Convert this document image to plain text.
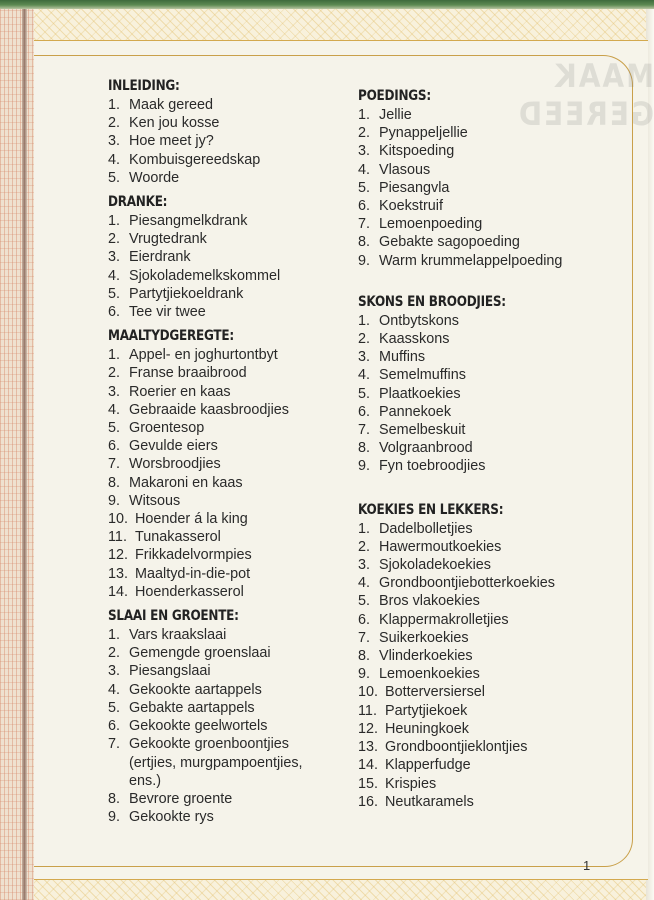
MAAK GEREED
INLEIDING:
1. Maak gereed
2. Ken jou kosse
3. Hoe meet jy?
4. Kombuisgereedskap
5. Woorde
DRANKE:
1. Piesangmelkdrank
2. Vrugtedrank
3. Eierdrank
4. Sjokolademelkskommel
5. Partytjiekoeldrank
6. Tee vir twee
MAALTYDGEREGTE:
1. Appel- en joghurtontbyt
2. Franse braaibrood
3. Roerier en kaas
4. Gebraaide kaasbroodjies
5. Groentesop
6. Gevulde eiers
7. Worsbroodjies
8. Makaroni en kaas
9. Witsous
10. Hoender á la king
11. Tunakasserol
12. Frikkadelvormpies
13. Maaltyd-in-die-pot
14. Hoenderkasserol
SLAAI EN GROENTE:
1. Vars kraakslaai
2. Gemengde groenslaai
3. Piesangslaai
4. Gekookte aartappels
5. Gebakte aartappels
6. Gekookte geelwortels
7. Gekookte groenboontjies (ertjies, murgpampoentjies, ens.)
8. Bevrore groente
9. Gekookte rys
POEDINGS:
1. Jellie
2. Pynappeljellie
3. Kitspoeding
4. Vlasous
5. Piesangvla
6. Koekstruif
7. Lemoenpoeding
8. Gebakte sagopoeding
9. Warm krummelappelpoeding
SKONS EN BROODJIES:
1. Ontbytskons
2. Kaasskons
3. Muffins
4. Semelmuffins
5. Plaatkoekies
6. Pannekoek
7. Semelbeskuit
8. Volgraanbrood
9. Fyn toebroodjies
KOEKIES EN LEKKERS:
1. Dadelbolletjies
2. Hawermoutkoekies
3. Sjokoladekoekies
4. Grondboontjiebotterkoekies
5. Bros vlakoekies
6. Klappermakrolletjies
7. Suikerkoekies
8. Vlinderkoekies
9. Lemoenkoekies
10. Botterversiersel
11. Partytjiekoek
12. Heuningkoek
13. Grondboontjieklontjies
14. Klapperfudge
15. Krispies
16. Neutkaramels
1
